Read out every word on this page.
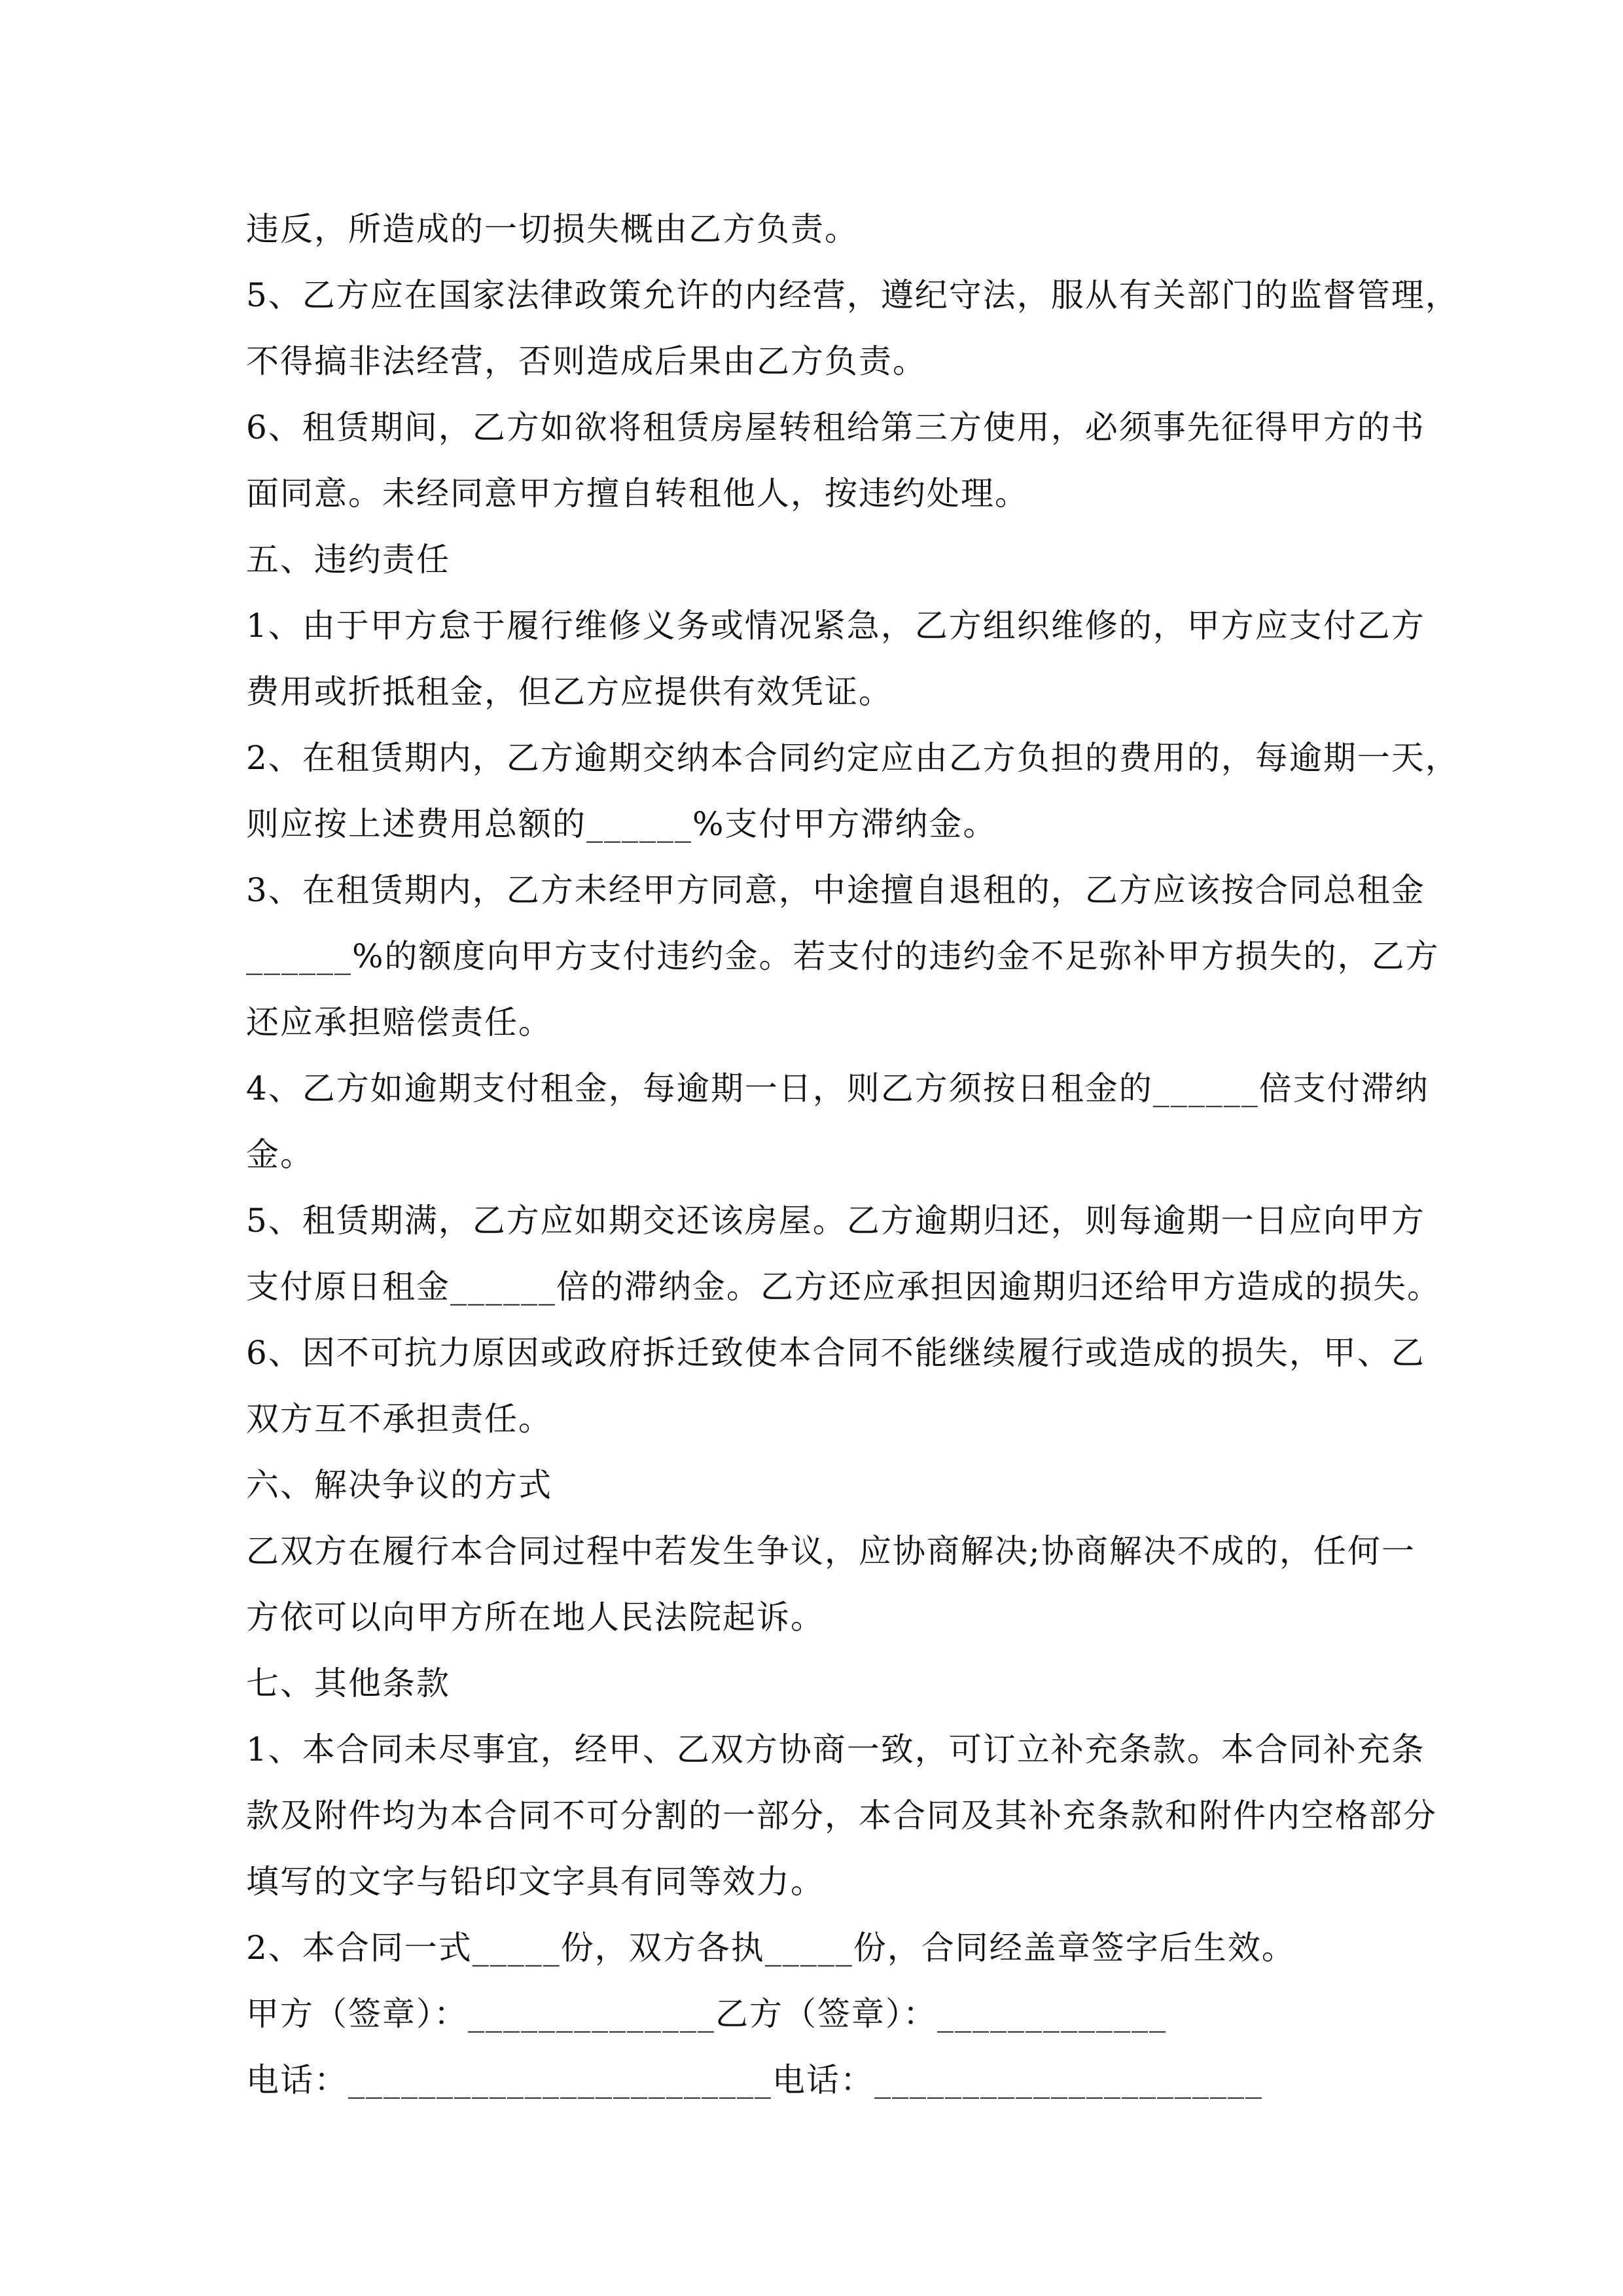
违反，所造成的一切损失概由乙方负责。
5、乙方应在国家法律政策允许的内经营，遵纪守法，服从有关部门的监督管理，
不得搞非法经营，否则造成后果由乙方负责。
6、租赁期间，乙方如欲将租赁房屋转租给第三方使用，必须事先征得甲方的书
面同意。未经同意甲方擅自转租他人，按违约处理。
五、违约责任
1、由于甲方怠于履行维修义务或情况紧急，乙方组织维修的，甲方应支付乙方
费用或折抵租金，但乙方应提供有效凭证。
2、在租赁期内，乙方逾期交纳本合同约定应由乙方负担的费用的，每逾期一天，
则应按上述费用总额的______%支付甲方滞纳金。
3、在租赁期内，乙方未经甲方同意，中途擅自退租的，乙方应该按合同总租金
______%的额度向甲方支付违约金。若支付的违约金不足弥补甲方损失的，乙方
还应承担赔偿责任。
4、乙方如逾期支付租金，每逾期一日，则乙方须按日租金的______倍支付滞纳
金。
5、租赁期满，乙方应如期交还该房屋。乙方逾期归还，则每逾期一日应向甲方
支付原日租金______倍的滞纳金。乙方还应承担因逾期归还给甲方造成的损失。
6、因不可抗力原因或政府拆迁致使本合同不能继续履行或造成的损失，甲、乙
双方互不承担责任。
六、解决争议的方式
乙双方在履行本合同过程中若发生争议，应协商解决;协商解决不成的，任何一
方依可以向甲方所在地人民法院起诉。
七、其他条款
1、本合同未尽事宜，经甲、乙双方协商一致，可订立补充条款。本合同补充条
款及附件均为本合同不可分割的一部分，本合同及其补充条款和附件内空格部分
填写的文字与铅印文字具有同等效力。
2、本合同一式_____份，双方各执_____份，合同经盖章签字后生效。
甲方（签章）：______________乙方（签章）：_____________
电话：________________________电话：______________________
